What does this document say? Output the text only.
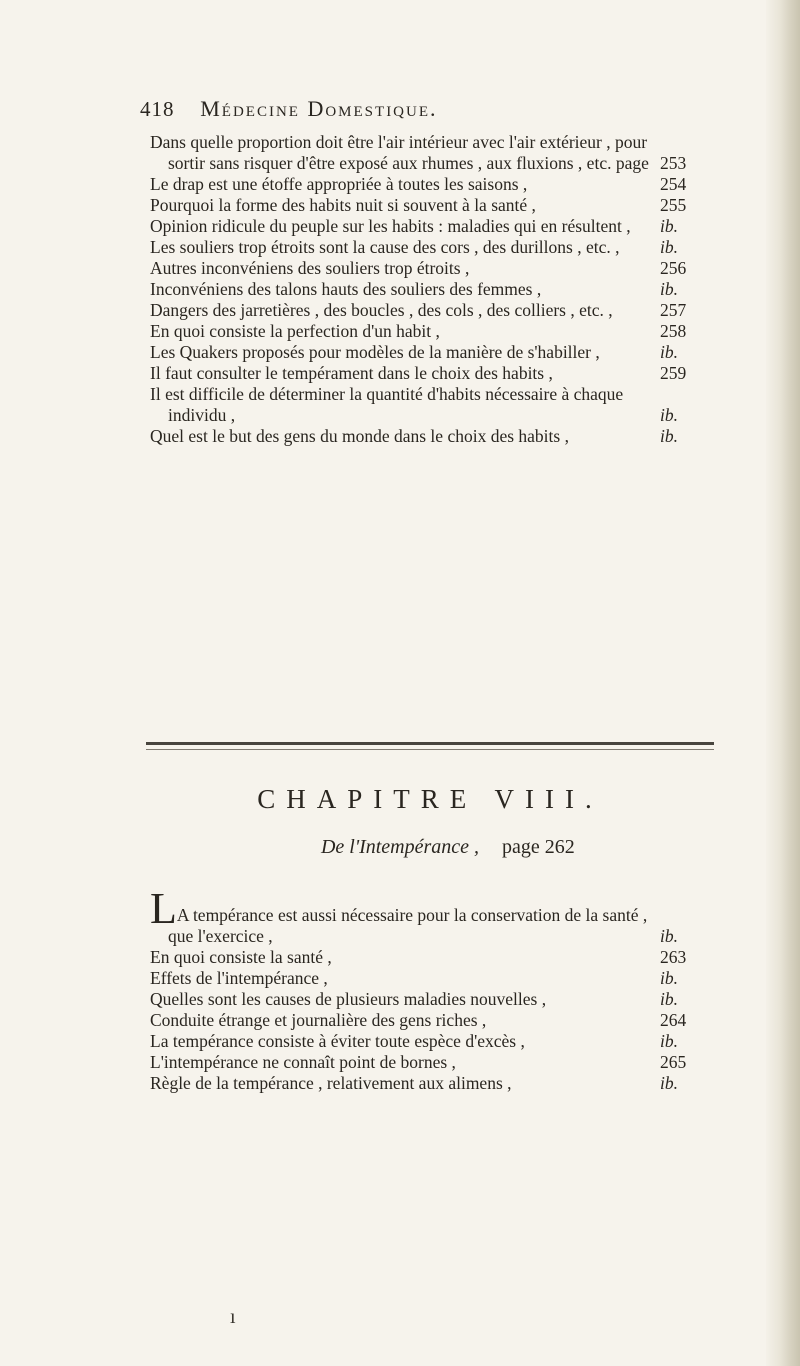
418 Médecine Domestique.
Dans quelle proportion doit être l'air intérieur avec l'air extérieur , pour sortir sans risquer d'être exposé aux rhumes , aux fluxions , etc. page 253
Le drap est une étoffe appropriée à toutes les saisons ,	254
Pourquoi la forme des habits nuit si souvent à la santé ,	255
Opinion ridicule du peuple sur les habits : maladies qui en résultent ,	ib.
Les souliers trop étroits sont la cause des cors , des durillons , etc. ,	ib.
Autres inconvéniens des souliers trop étroits ,	256
Inconvéniens des talons hauts des souliers des femmes ,	ib.
Dangers des jarretières , des boucles , des cols , des colliers , etc. ,	257
En quoi consiste la perfection d'un habit ,	258
Les Quakers proposés pour modèles de la manière de s'habiller ,	ib.
Il faut consulter le tempérament dans le choix des habits ,	259
Il est difficile de déterminer la quantité d'habits nécessaire à chaque individu ,	ib.
Quel est le but des gens du monde dans le choix des habits ,	ib.
CHAPITRE VIII.
De l'Intempérance ,	page 262
LA tempérance est aussi nécessaire pour la conservation de la santé , que l'exercice ,	ib.
En quoi consiste la santé ,	263
Effets de l'intempérance ,	ib.
Quelles sont les causes de plusieurs maladies nouvelles ,	ib.
Conduite étrange et journalière des gens riches ,	264
La tempérance consiste à éviter toute espèce d'excès ,	ib.
L'intempérance ne connaît point de bornes ,	265
Règle de la tempérance , relativement aux alimens ,	ib.
ı
